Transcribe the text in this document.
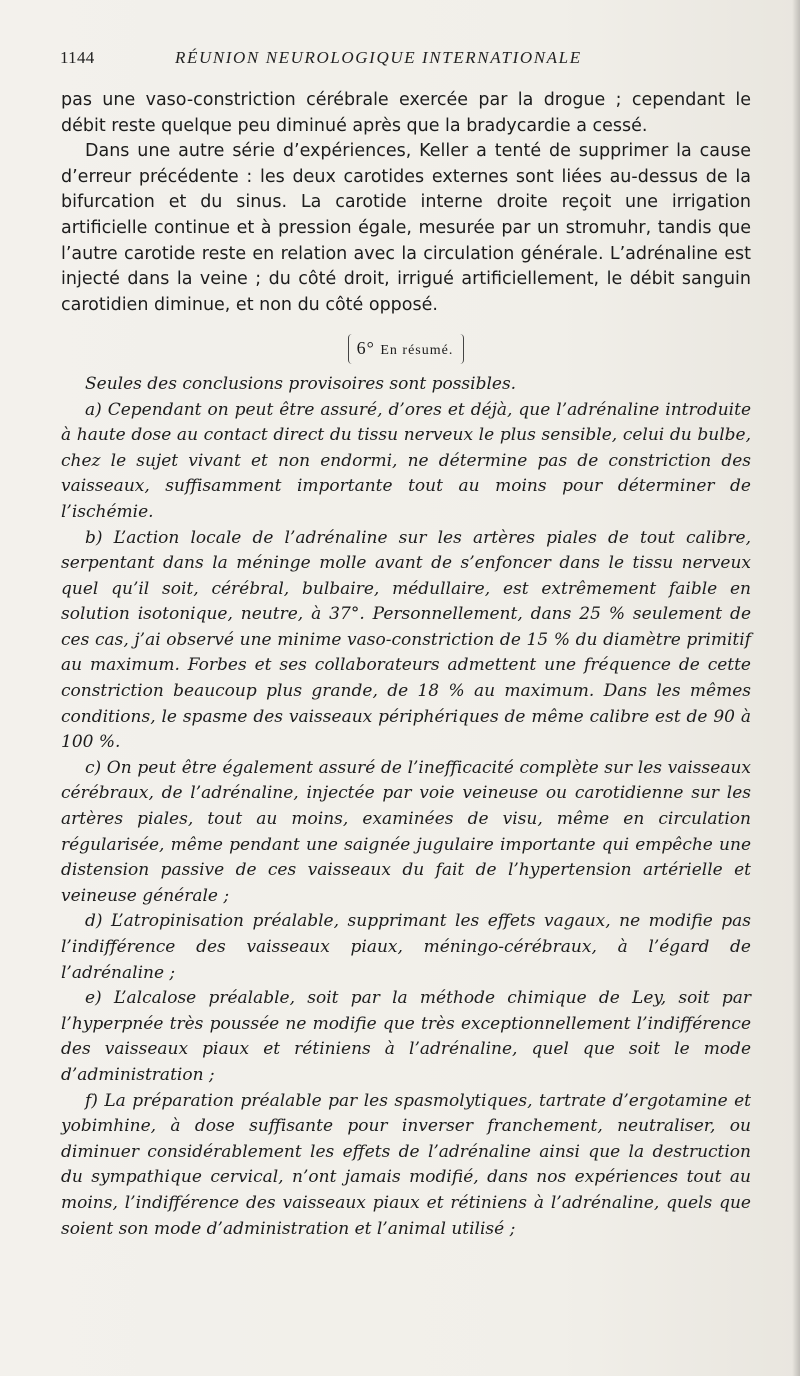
1144	RÉUNION NEUROLOGIQUE INTERNATIONALE

pas une vaso-constriction cérébrale exercée par la drogue ; cependant le débit reste quelque peu diminué après que la bradycardie a cessé.

Dans une autre série d’expériences, Keller a tenté de supprimer la cause d’erreur précédente : les deux carotides externes sont liées au-dessus de la bifurcation et du sinus. La carotide interne droite reçoit une irrigation artificielle continue et à pression égale, mesurée par un stromuhr, tandis que l’autre carotide reste en relation avec la circulation générale. L’adrénaline est injecté dans la veine ; du côté droit, irrigué artificiellement, le débit sanguin carotidien diminue, et non du côté opposé.

6° En résumé.

Seules des conclusions provisoires sont possibles.

a) Cependant on peut être assuré, d’ores et déjà, que l’adrénaline introduite à haute dose au contact direct du tissu nerveux le plus sensible, celui du bulbe, chez le sujet vivant et non endormi, ne détermine pas de constriction des vaisseaux, suffisamment importante tout au moins pour déterminer de l’ischémie.

b) L’action locale de l’adrénaline sur les artères piales de tout calibre, serpentant dans la méninge molle avant de s’enfoncer dans le tissu nerveux quel qu’il soit, cérébral, bulbaire, médullaire, est extrêmement faible en solution isotonique, neutre, à 37°. Personnellement, dans 25 % seulement de ces cas, j’ai observé une minime vaso-constriction de 15 % du diamètre primitif au maximum. Forbes et ses collaborateurs admettent une fréquence de cette constriction beaucoup plus grande, de 18 % au maximum. Dans les mêmes conditions, le spasme des vaisseaux périphériques de même calibre est de 90 à 100 %.

c) On peut être également assuré de l’inefficacité complète sur les vaisseaux cérébraux, de l’adrénaline, injectée par voie veineuse ou carotidienne sur les artères piales, tout au moins, examinées de visu, même en circulation régularisée, même pendant une saignée jugulaire importante qui empêche une distension passive de ces vaisseaux du fait de l’hypertension artérielle et veineuse générale ;

d) L’atropinisation préalable, supprimant les effets vagaux, ne modifie pas l’indifférence des vaisseaux piaux, méningo-cérébraux, à l’égard de l’adrénaline ;

e) L’alcalose préalable, soit par la méthode chimique de Ley, soit par l’hyperpnée très poussée ne modifie que très exceptionnellement l’indifférence des vaisseaux piaux et rétiniens à l’adrénaline, quel que soit le mode d’administration ;

f) La préparation préalable par les spasmolytiques, tartrate d’ergotamine et yobimhine, à dose suffisante pour inverser franchement, neutraliser, ou diminuer considérablement les effets de l’adrénaline ainsi que la destruction du sympathique cervical, n’ont jamais modifié, dans nos expériences tout au moins, l’indifférence des vaisseaux piaux et rétiniens à l’adrénaline, quels que soient son mode d’administration et l’animal utilisé ;
